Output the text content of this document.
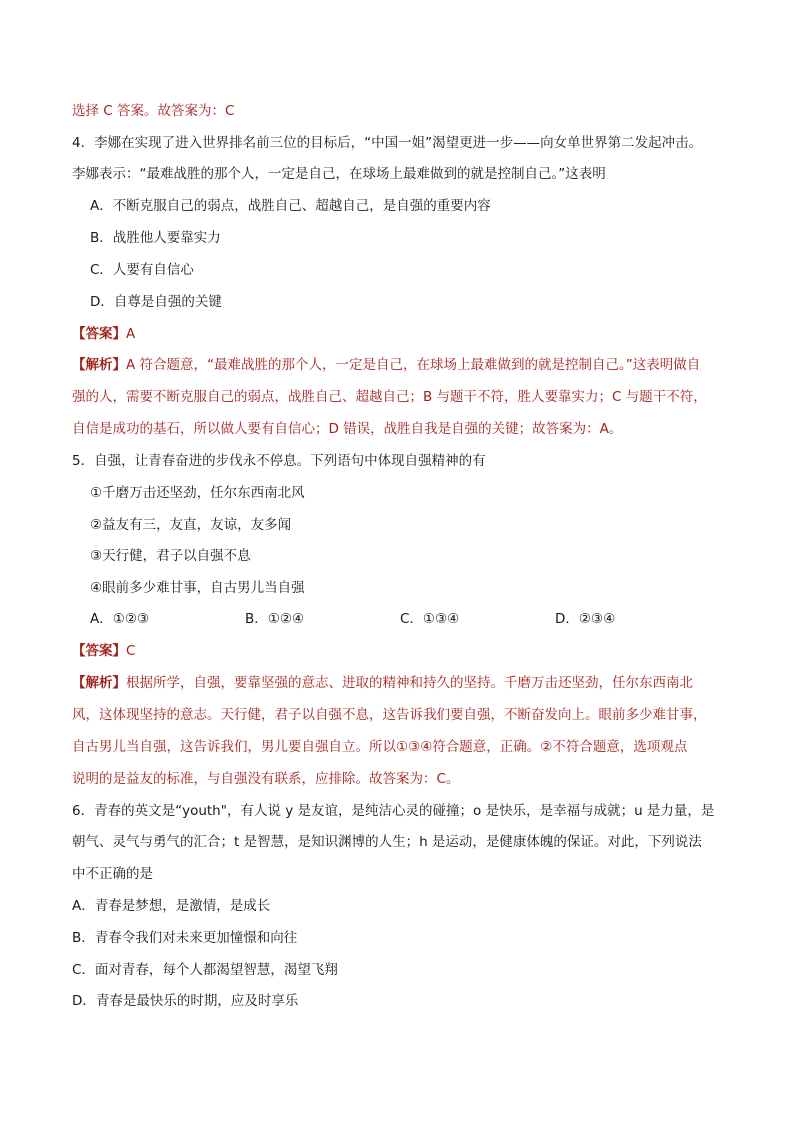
选择 C 答案。故答案为：C
4．李娜在实现了进入世界排名前三位的目标后，“中国一姐”渴望更进一步——向女单世界第二发起冲击。
李娜表示：“最难战胜的那个人，一定是自己，在球场上最难做到的就是控制自己。”这表明
A．不断克服自己的弱点，战胜自己、超越自己，是自强的重要内容
B．战胜他人要靠实力
C．人要有自信心
D．自尊是自强的关键
【答案】A
【解析】A 符合题意，“最难战胜的那个人，一定是自己，在球场上最难做到的就是控制自己。”这表明做自
强的人，需要不断克服自己的弱点，战胜自己、超越自己；B 与题干不符，胜人要靠实力；C 与题干不符，
自信是成功的基石，所以做人要有自信心；D 错误，战胜自我是自强的关键；故答案为：A。
5．自强，让青春奋进的步伐永不停息。下列语句中体现自强精神的有
①千磨万击还坚劲，任尔东西南北风
②益友有三，友直，友谅，友多闻
③天行健，君子以自强不息
④眼前多少难甘事，自古男儿当自强
A．①②③	B．①②④	C．①③④	D．②③④
【答案】C
【解析】根据所学，自强，要靠坚强的意志、进取的精神和持久的坚持。千磨万击还坚劲，任尔东西南北
风，这体现坚持的意志。天行健，君子以自强不息，这告诉我们要自强，不断奋发向上。眼前多少难甘事，
自古男儿当自强，这告诉我们，男儿要自强自立。所以①③④符合题意，正确。②不符合题意，选项观点
说明的是益友的标准，与自强没有联系，应排除。故答案为：C。
6．青春的英文是“youth"，有人说 y 是友谊，是纯洁心灵的碰撞；o 是快乐，是幸福与成就；u 是力量，是
朝气、灵气与勇气的汇合；t 是智慧，是知识渊博的人生；h 是运动，是健康体魄的保证。对此，下列说法
中不正确的是
A．青春是梦想，是激情，是成长
B．青春令我们对未来更加憧憬和向往
C．面对青春，每个人都渴望智慧，渴望飞翔
D．青春是最快乐的时期，应及时享乐
